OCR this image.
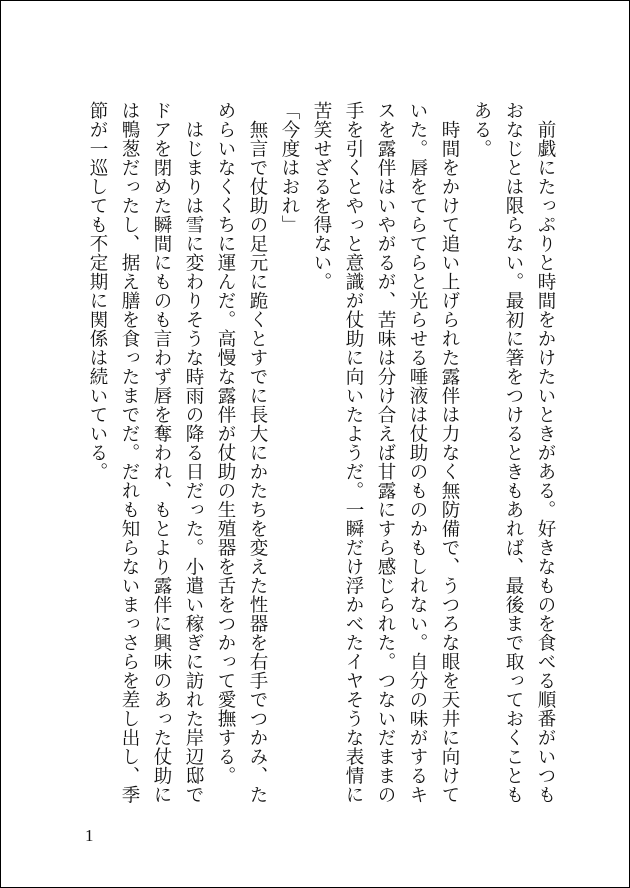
前戯にたっぷりと時間をかけたいときがある。好きなものを食べる順番がいつもおなじとは限らない。最初に箸をつけるときもあれば、最後まで取っておくこともある。

時間をかけて追い上げられた露伴は力なく無防備で、うつろな眼を天井に向けていた。唇をてらてらと光らせる唾液は仗助のものかもしれない。自分の味がするキスを露伴はいやがるが、苦味は分け合えば甘露にすら感じられた。つないだままの手を引くとやっと意識が仗助に向いたようだ。一瞬だけ浮かべたイヤそうな表情に苦笑せざるを得ない。

「今度はおれ」

無言で仗助の足元に跪くとすでに長大にかたちを変えた性器を右手でつかみ、ためらいなくくちに運んだ。高慢な露伴が仗助の生殖器を舌をつかって愛撫する。

はじまりは雪に変わりそうな時雨の降る日だった。小遣い稼ぎに訪れた岸辺邸でドアを閉めた瞬間にものも言わず唇を奪われ、もとより露伴に興味のあった仗助には鴨葱だったし、据え膳を食ったまでだ。だれも知らないまっさらを差し出し、季節が一巡しても不定期に関係は続いている。

1
